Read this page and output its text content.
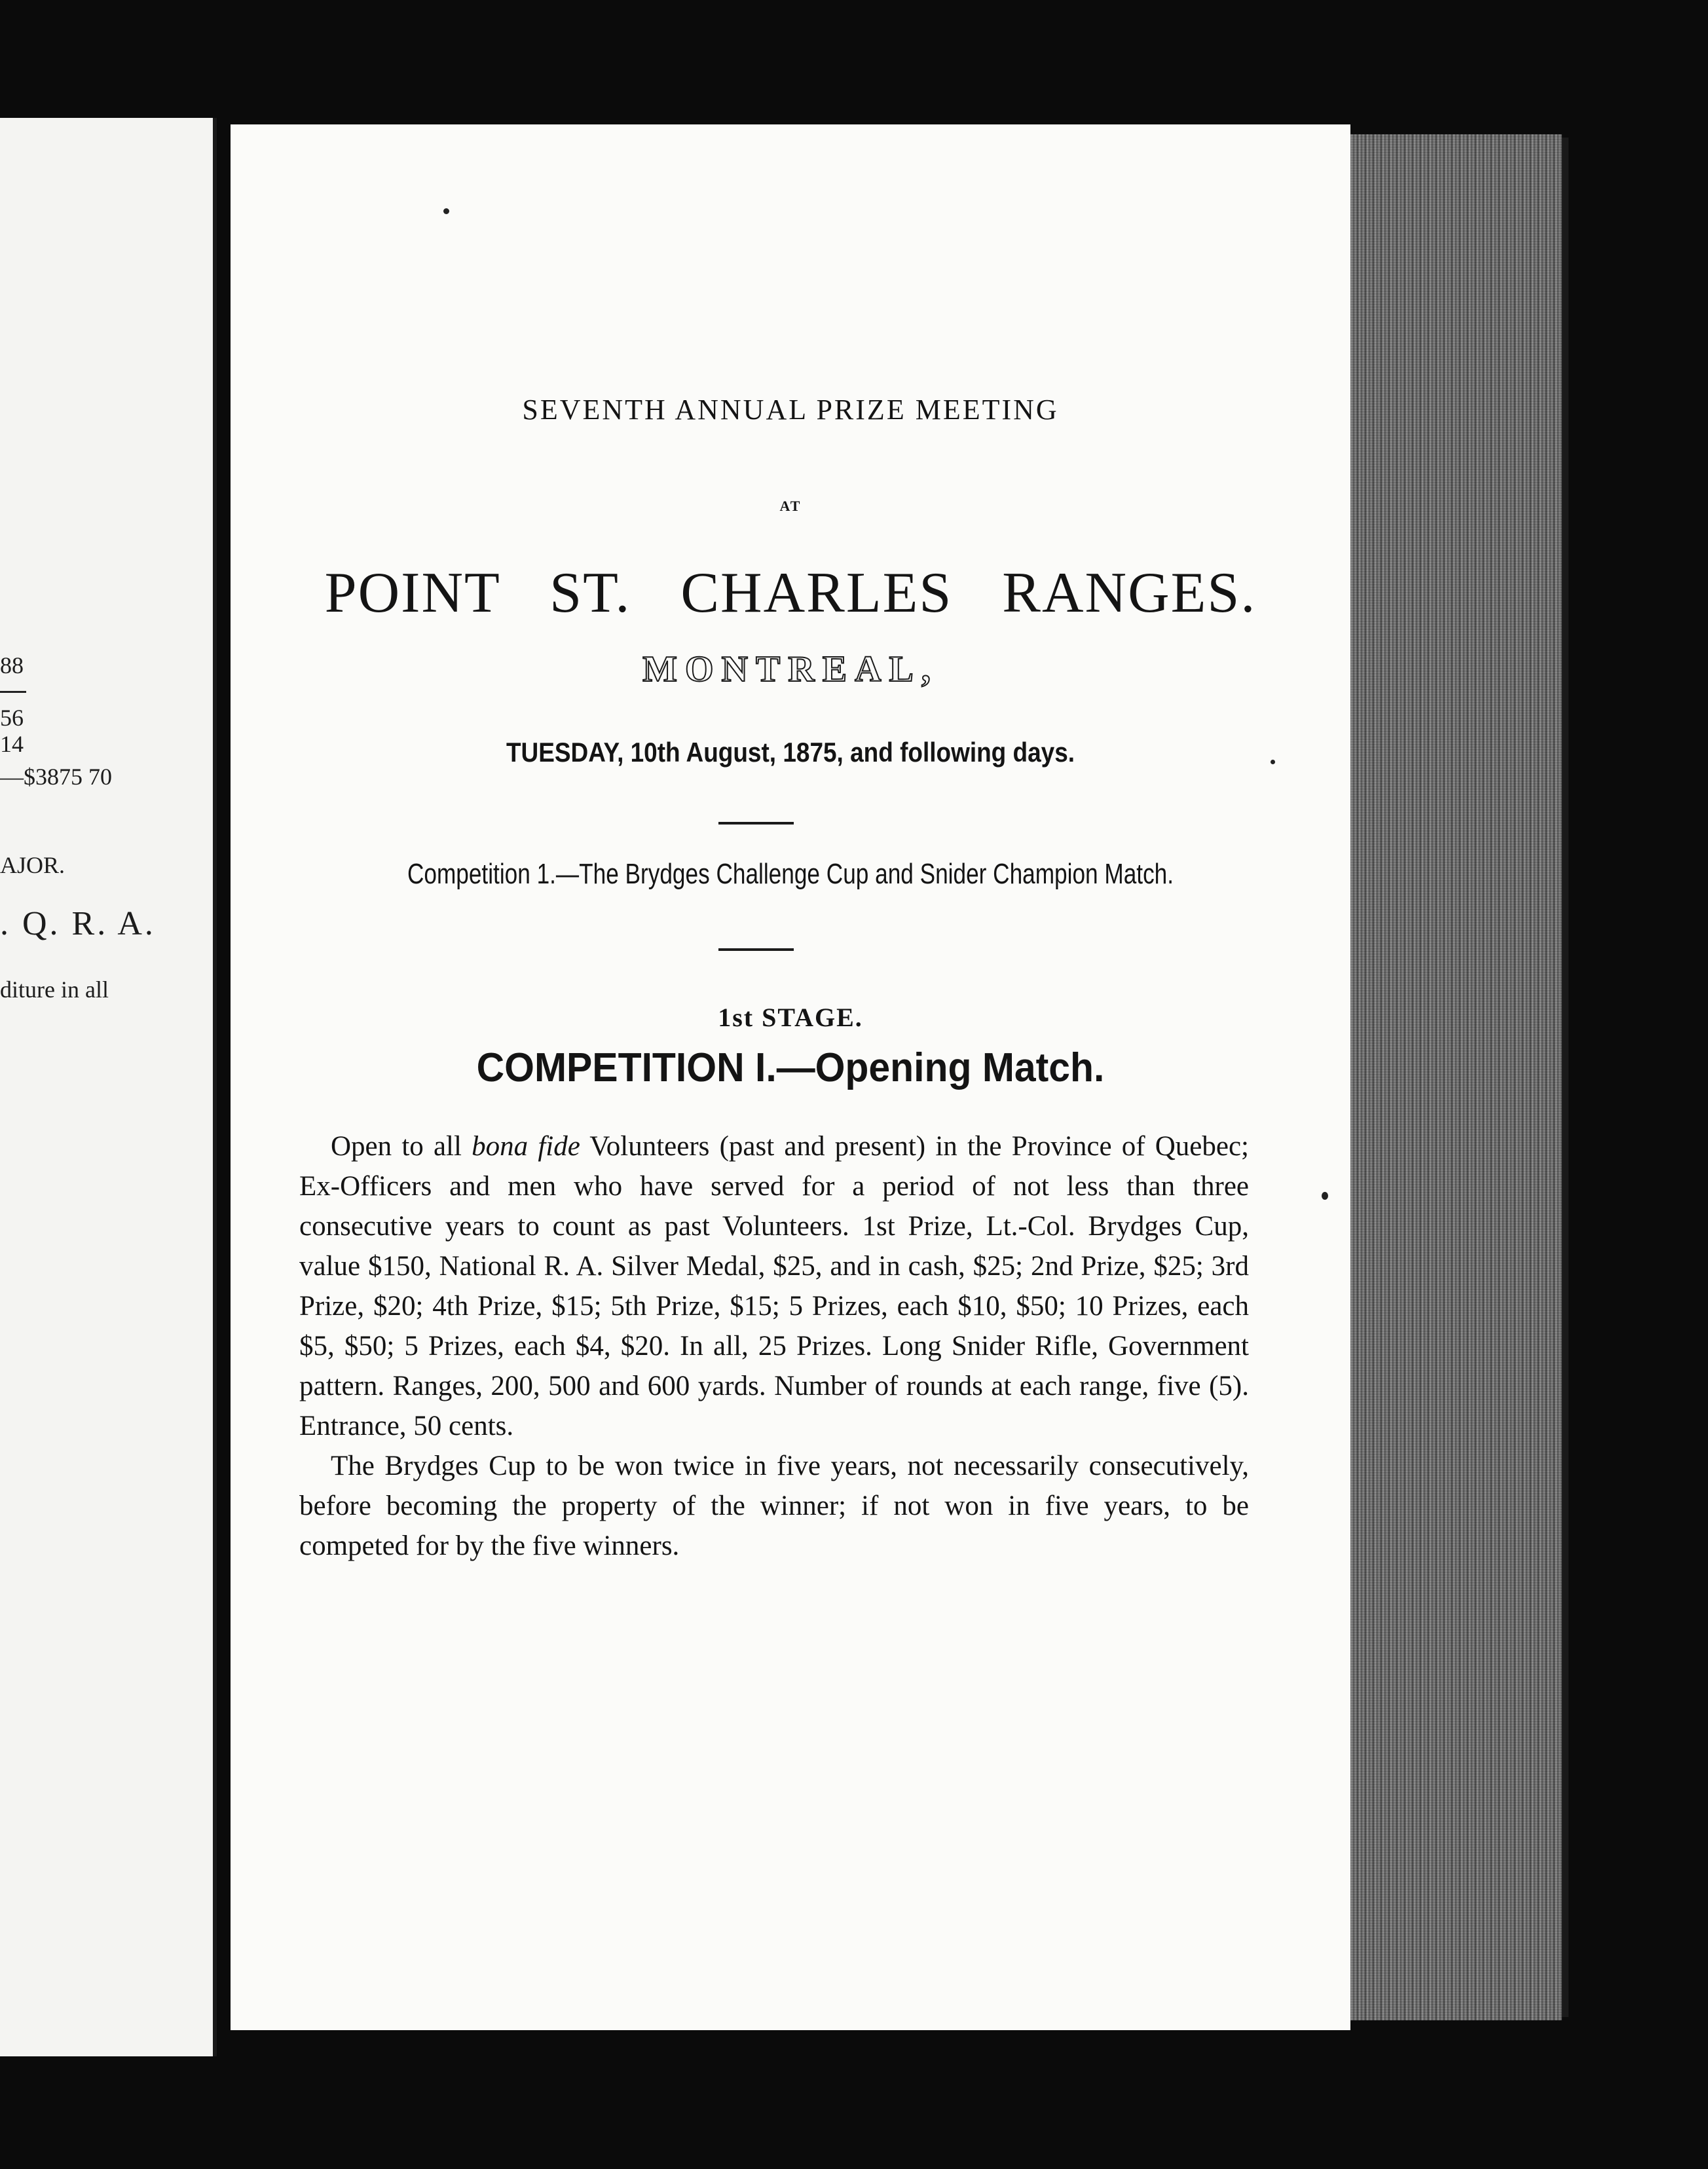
88
56
14
—$3875 70
AJOR.
. Q. R. A.
diture in all
SEVENTH ANNUAL PRIZE MEETING
AT
POINT ST. CHARLES RANGES.
MONTREAL,
TUESDAY, 10th August, 1875, and following days.
Competition 1.—The Brydges Challenge Cup and Snider Champion Match.
1st STAGE.
COMPETITION I.—Opening Match.

Open to all bona fide Volunteers (past and present) in the Province of Quebec; Ex-Officers and men who have served for a period of not less than three consecutive years to count as past Volunteers. 1st Prize, Lt.-Col. Brydges Cup, value $150, National R. A. Silver Medal, $25, and in cash, $25; 2nd Prize, $25; 3rd Prize, $20; 4th Prize, $15; 5th Prize, $15; 5 Prizes, each $10, $50; 10 Prizes, each $5, $50; 5 Prizes, each $4, $20. In all, 25 Prizes. Long Snider Rifle, Government pattern. Ranges, 200, 500 and 600 yards. Number of rounds at each range, five (5). Entrance, 50 cents.

The Brydges Cup to be won twice in five years, not necessarily consecutively, before becoming the property of the winner; if not won in five years, to be competed for by the five winners.
